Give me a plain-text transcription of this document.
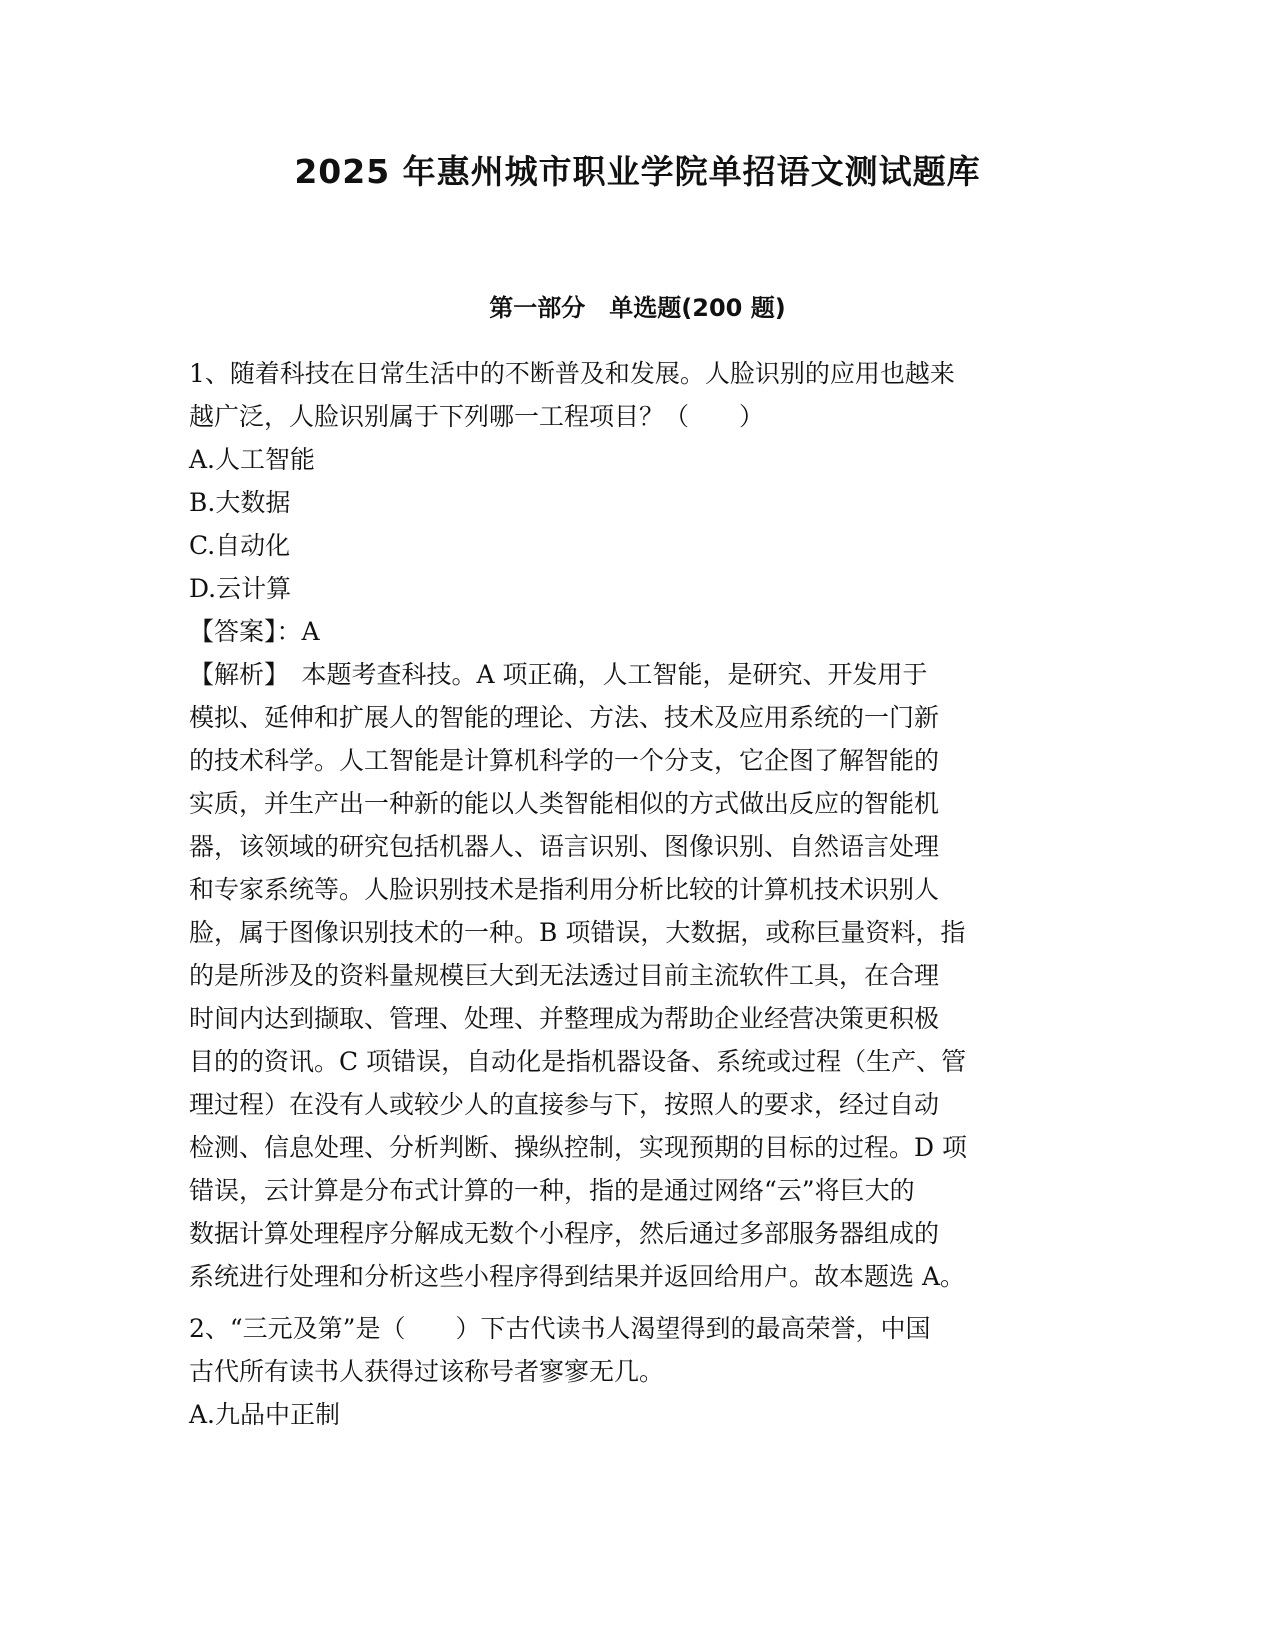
2025 年惠州城市职业学院单招语文测试题库
第一部分　单选题(200 题)
1、随着科技在日常生活中的不断普及和发展。人脸识别的应用也越来
越广泛，人脸识别属于下列哪一工程项目？（　　）
A.人工智能
B.大数据
C.自动化
D.云计算
【答案】：A
【解析】　本题考查科技。A 项正确，人工智能，是研究、开发用于
模拟、延伸和扩展人的智能的理论、方法、技术及应用系统的一门新
的技术科学。人工智能是计算机科学的一个分支，它企图了解智能的
实质，并生产出一种新的能以人类智能相似的方式做出反应的智能机
器，该领域的研究包括机器人、语言识别、图像识别、自然语言处理
和专家系统等。人脸识别技术是指利用分析比较的计算机技术识别人
脸，属于图像识别技术的一种。B 项错误，大数据，或称巨量资料，指
的是所涉及的资料量规模巨大到无法透过目前主流软件工具，在合理
时间内达到撷取、管理、处理、并整理成为帮助企业经营决策更积极
目的的资讯。C 项错误，自动化是指机器设备、系统或过程（生产、管
理过程）在没有人或较少人的直接参与下，按照人的要求，经过自动
检测、信息处理、分析判断、操纵控制，实现预期的目标的过程。D 项
错误，云计算是分布式计算的一种，指的是通过网络“云”将巨大的
数据计算处理程序分解成无数个小程序，然后通过多部服务器组成的
系统进行处理和分析这些小程序得到结果并返回给用户。故本题选 A。
2、“三元及第”是（　　）下古代读书人渴望得到的最高荣誉，中国
古代所有读书人获得过该称号者寥寥无几。
A.九品中正制
